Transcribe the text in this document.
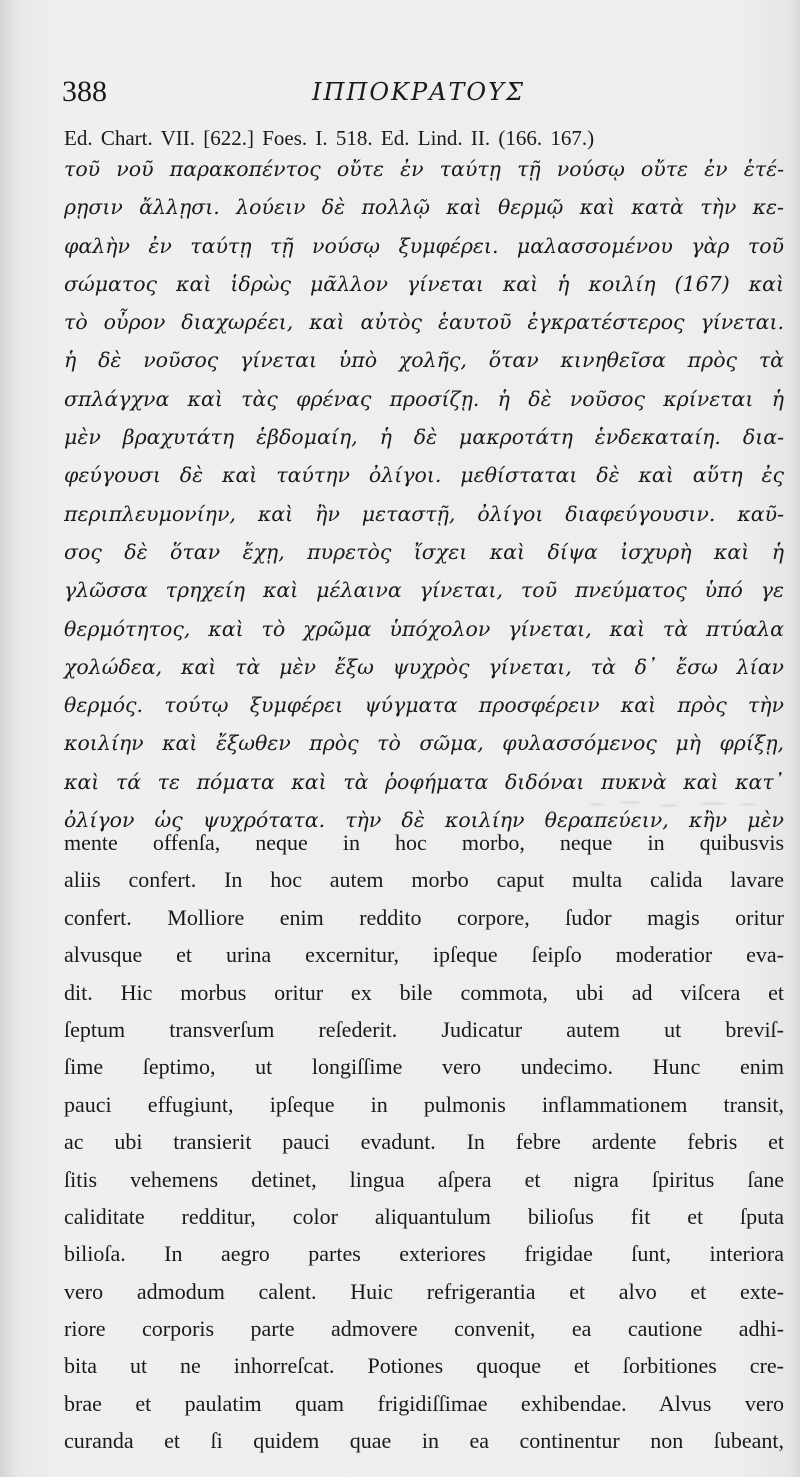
388	ΙΠΠΟΚΡΑΤΟΥΣ
Ed. Chart. VII. [622.] Foes. I. 518. Ed. Lind. II. (166. 167.)
τοῦ νοῦ παρακοπέντος οὔτε ἐν ταύτῃ τῇ νούσῳ οὔτε ἐν ἑτέ-
ρῃσιν ἄλλῃσι. λούειν δὲ πολλῷ καὶ θερμῷ καὶ κατὰ τὴν κε-
φαλὴν ἐν ταύτῃ τῇ νούσῳ ξυμφέρει. μαλασσομένου γὰρ τοῦ
σώματος καὶ ἱδρὼς μᾶλλον γίνεται καὶ ἡ κοιλίη (167) καὶ
τὸ οὖρον διαχωρέει, καὶ αὐτὸς ἑαυτοῦ ἐγκρατέστερος γίνεται.
ἡ δὲ νοῦσος γίνεται ὑπὸ χολῆς, ὅταν κινηθεῖσα πρὸς τὰ
σπλάγχνα καὶ τὰς φρένας προσίζῃ. ἡ δὲ νοῦσος κρίνεται ἡ
μὲν βραχυτάτη ἑβδομαίη, ἡ δὲ μακροτάτη ἑνδεκαταίη. δια-
φεύγουσι δὲ καὶ ταύτην ὀλίγοι. μεθίσταται δὲ καὶ αὕτη ἐς
περιπλευμονίην, καὶ ἢν μεταστῇ, ὀλίγοι διαφεύγουσιν. καῦ-
σος δὲ ὅταν ἔχῃ, πυρετὸς ἴσχει καὶ δίψα ἰσχυρὴ καὶ ἡ
γλῶσσα τρηχείη καὶ μέλαινα γίνεται, τοῦ πνεύματος ὑπό γε
θερμότητος, καὶ τὸ χρῶμα ὑπόχολον γίνεται, καὶ τὰ πτύαλα
χολώδεα, καὶ τὰ μὲν ἔξω ψυχρὸς γίνεται, τὰ δ᾽ ἔσω λίαν
θερμός. τούτῳ ξυμφέρει ψύγματα προσφέρειν καὶ πρὸς τὴν
κοιλίην καὶ ἔξωθεν πρὸς τὸ σῶμα, φυλασσόμενος μὴ φρίξῃ,
καὶ τά τε πόματα καὶ τὰ ῥοφήματα διδόναι πυκνὰ καὶ κατ᾽
ὀλίγον ὡς ψυχρότατα. τὴν δὲ κοιλίην θεραπεύειν, κἢν μὲν
mente offenſa, neque in hoc morbo, neque in quibusvis
aliis confert. In hoc autem morbo caput multa calida lavare
confert. Molliore enim reddito corpore, ſudor magis oritur
alvusque et urina excernitur, ipſeque ſeipſo moderatior eva-
dit. Hic morbus oritur ex bile commota, ubi ad viſcera et
ſeptum transverſum reſederit. Judicatur autem ut breviſ-
ſime ſeptimo, ut longiſſime vero undecimo. Hunc enim
pauci effugiunt, ipſeque in pulmonis inflammationem transit,
ac ubi transierit pauci evadunt. In febre ardente febris et
ſitis vehemens detinet, lingua aſpera et nigra ſpiritus ſane
caliditate redditur, color aliquantulum bilioſus fit et ſputa
bilioſa. In aegro partes exteriores frigidae ſunt, interiora
vero admodum calent. Huic refrigerantia et alvo et exte-
riore corporis parte admovere convenit, ea cautione adhi-
bita ut ne inhorreſcat. Potiones quoque et ſorbitiones cre-
brae et paulatim quam frigidiſſimae exhibendae. Alvus vero
curanda et ſi quidem quae in ea continentur non ſubeant,
